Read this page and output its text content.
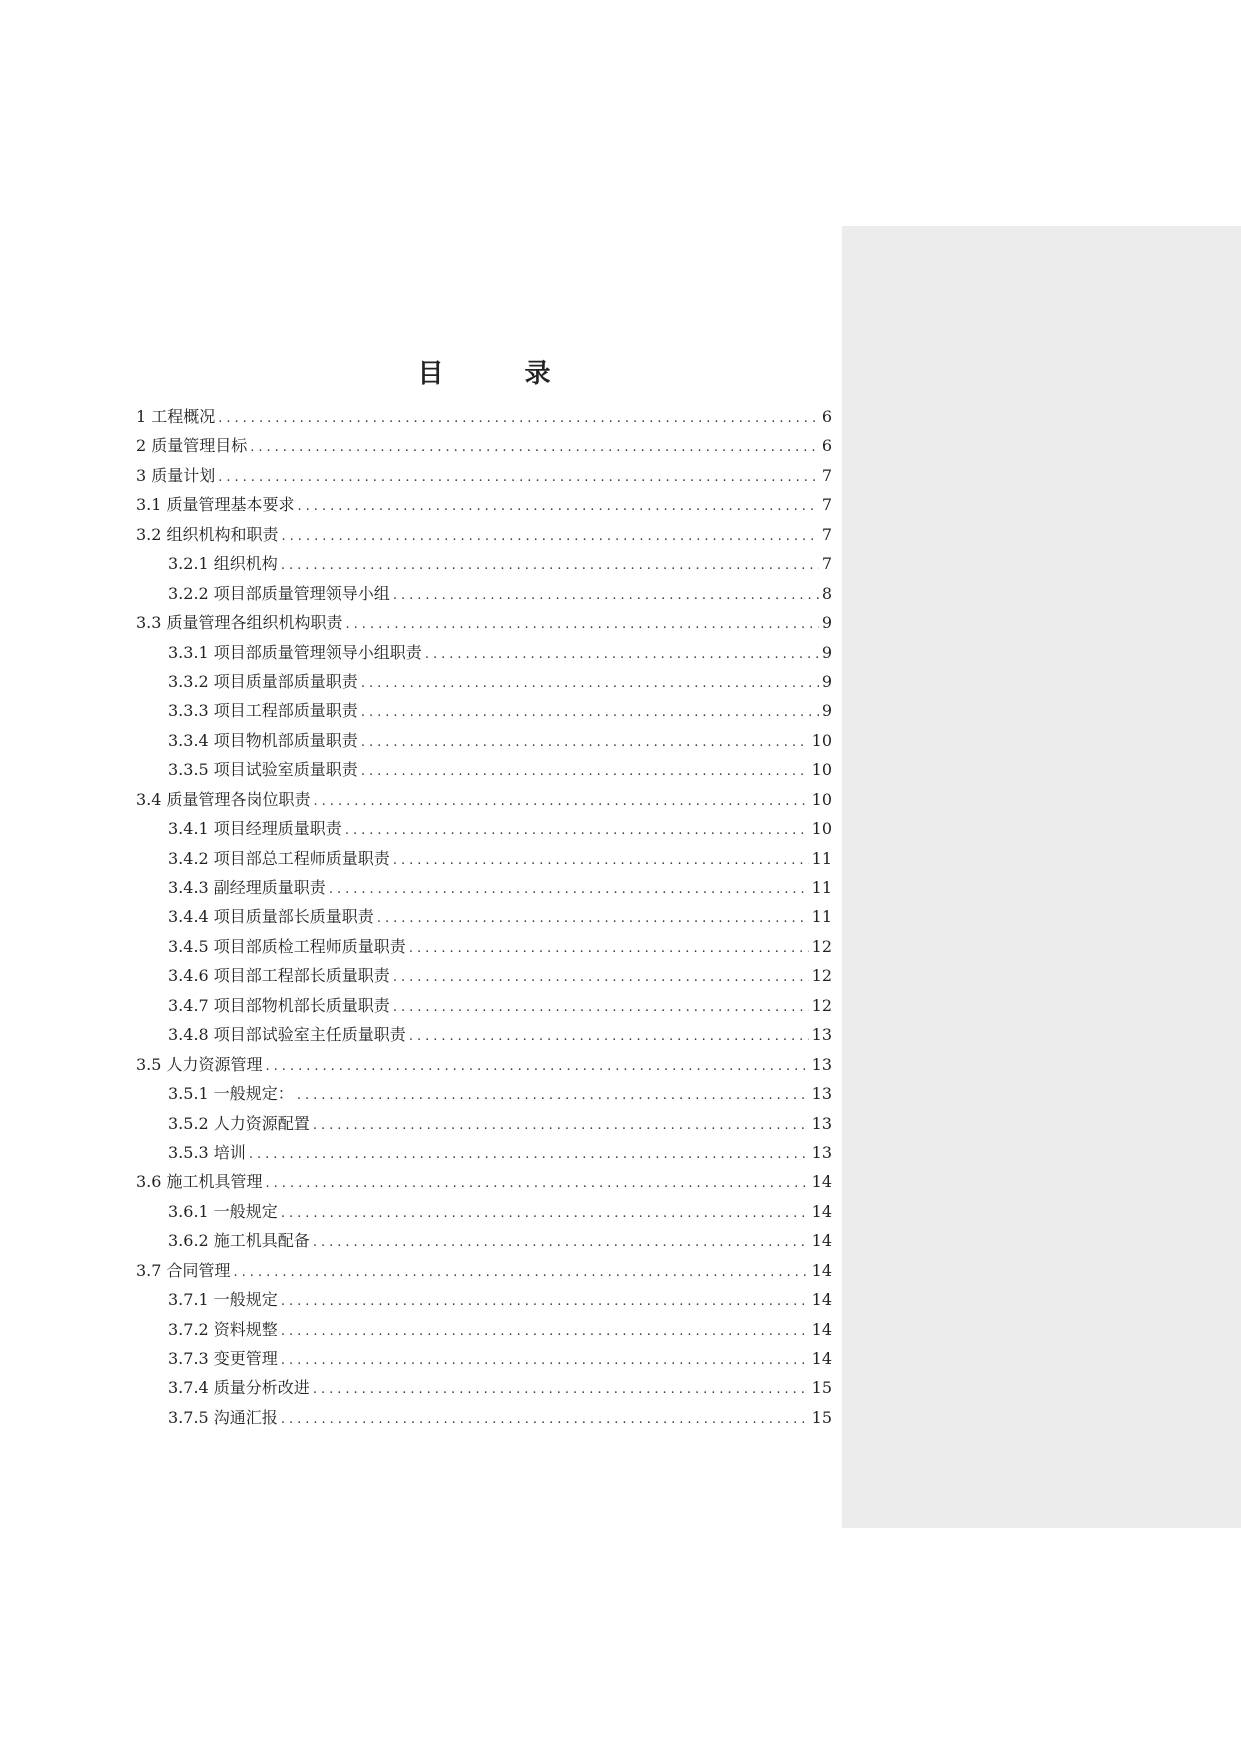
目 录
1 工程概况 .....	6
2 质量管理目标 .....	6
3 质量计划 .....	7
3.1 质量管理基本要求 .....	7
3.2 组织机构和职责 .....	7
3.2.1 组织机构 .....	7
3.2.2 项目部质量管理领导小组 .....	8
3.3 质量管理各组织机构职责 .....	9
3.3.1 项目部质量管理领导小组职责 .....	9
3.3.2 项目质量部质量职责 .....	9
3.3.3 项目工程部质量职责 .....	9
3.3.4 项目物机部质量职责 .....	10
3.3.5 项目试验室质量职责 .....	10
3.4 质量管理各岗位职责 .....	10
3.4.1 项目经理质量职责 .....	10
3.4.2 项目部总工程师质量职责 .....	11
3.4.3 副经理质量职责 .....	11
3.4.4 项目质量部长质量职责 .....	11
3.4.5 项目部质检工程师质量职责 .....	12
3.4.6 项目部工程部长质量职责 .....	12
3.4.7 项目部物机部长质量职责 .....	12
3.4.8 项目部试验室主任质量职责 .....	13
3.5 人力资源管理 .....	13
3.5.1 一般规定： .....	13
3.5.2 人力资源配置 .....	13
3.5.3 培训 .....	13
3.6 施工机具管理 .....	14
3.6.1 一般规定 .....	14
3.6.2 施工机具配备 .....	14
3.7 合同管理 .....	14
3.7.1 一般规定 .....	14
3.7.2 资料规整 .....	14
3.7.3 变更管理 .....	14
3.7.4 质量分析改进 .....	15
3.7.5 沟通汇报 .....	15
